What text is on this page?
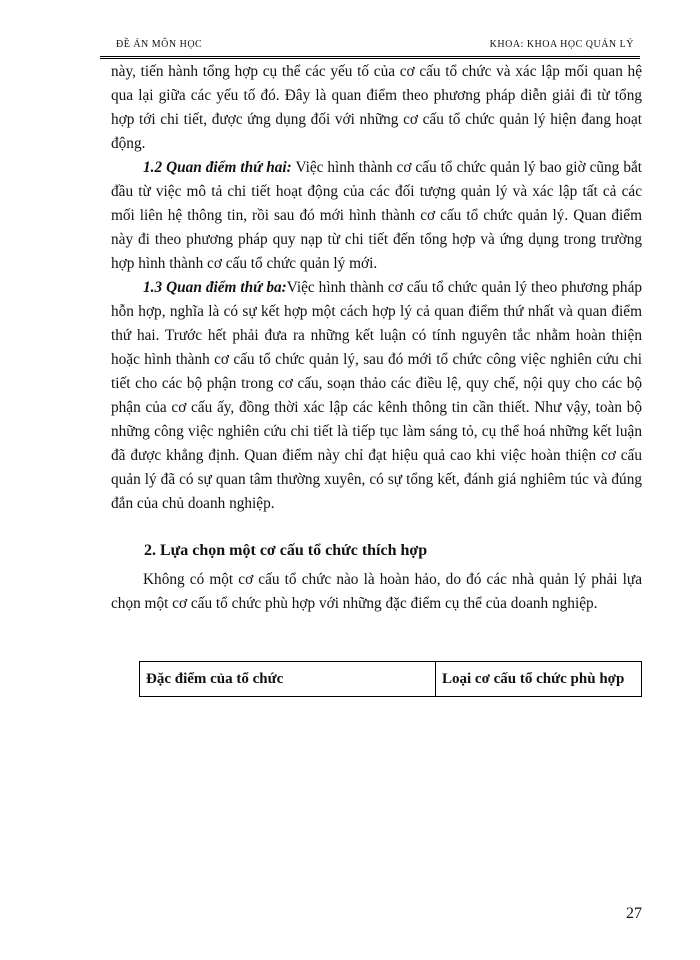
ĐỀ ÁN MÔN HỌC	KHOA: KHOA HỌC QUẢN LÝ

này, tiến hành tổng hợp cụ thể các yếu tố của cơ cấu tổ chức và xác lập mối quan hệ qua lại giữa các yếu tố đó. Đây là quan điểm theo phương pháp diễn giải đi từ tổng hợp tới chi tiết, được ứng dụng đối với những cơ cấu tổ chức quản lý hiện đang hoạt động.

1.2 Quan điểm thứ hai: Việc hình thành cơ cấu tổ chức quản lý bao giờ cũng bắt đầu từ việc mô tả chi tiết hoạt động của các đối tượng quản lý và xác lập tất cả các mối liên hệ thông tin, rồi sau đó mới hình thành cơ cấu tổ chức quản lý. Quan điểm này đi theo phương pháp quy nạp từ chi tiết đến tổng hợp và ứng dụng trong trường hợp hình thành cơ cấu tổ chức quản lý mới.

1.3 Quan điểm thứ ba:Việc hình thành cơ cấu tổ chức quản lý theo phương pháp hỗn hợp, nghĩa là có sự kết hợp một cách hợp lý cả quan điểm thứ nhất và quan điểm thứ hai. Trước hết phải đưa ra những kết luận có tính nguyên tắc nhằm hoàn thiện hoặc hình thành cơ cấu tổ chức quản lý, sau đó mới tổ chức công việc nghiên cứu chi tiết cho các bộ phận trong cơ cấu, soạn thảo các điều lệ, quy chế, nội quy cho các bộ phận của cơ cấu ấy, đồng thời xác lập các kênh thông tin cần thiết. Như vậy, toàn bộ những công việc nghiên cứu chi tiết là tiếp tục làm sáng tỏ, cụ thể hoá những kết luận đã được khẳng định. Quan điểm này chỉ đạt hiệu quả cao khi việc hoàn thiện cơ cấu quản lý đã có sự quan tâm thường xuyên, có sự tổng kết, đánh giá nghiêm túc và đúng đắn của chủ doanh nghiệp.

2. Lựa chọn một cơ cấu tổ chức thích hợp

Không có một cơ cấu tổ chức nào là hoàn hảo, do đó các nhà quản lý phải lựa chọn một cơ cấu tổ chức phù hợp với những đặc điểm cụ thể của doanh nghiệp.

Đặc điểm của tổ chức	Loại cơ cấu tổ chức phù hợp
27
